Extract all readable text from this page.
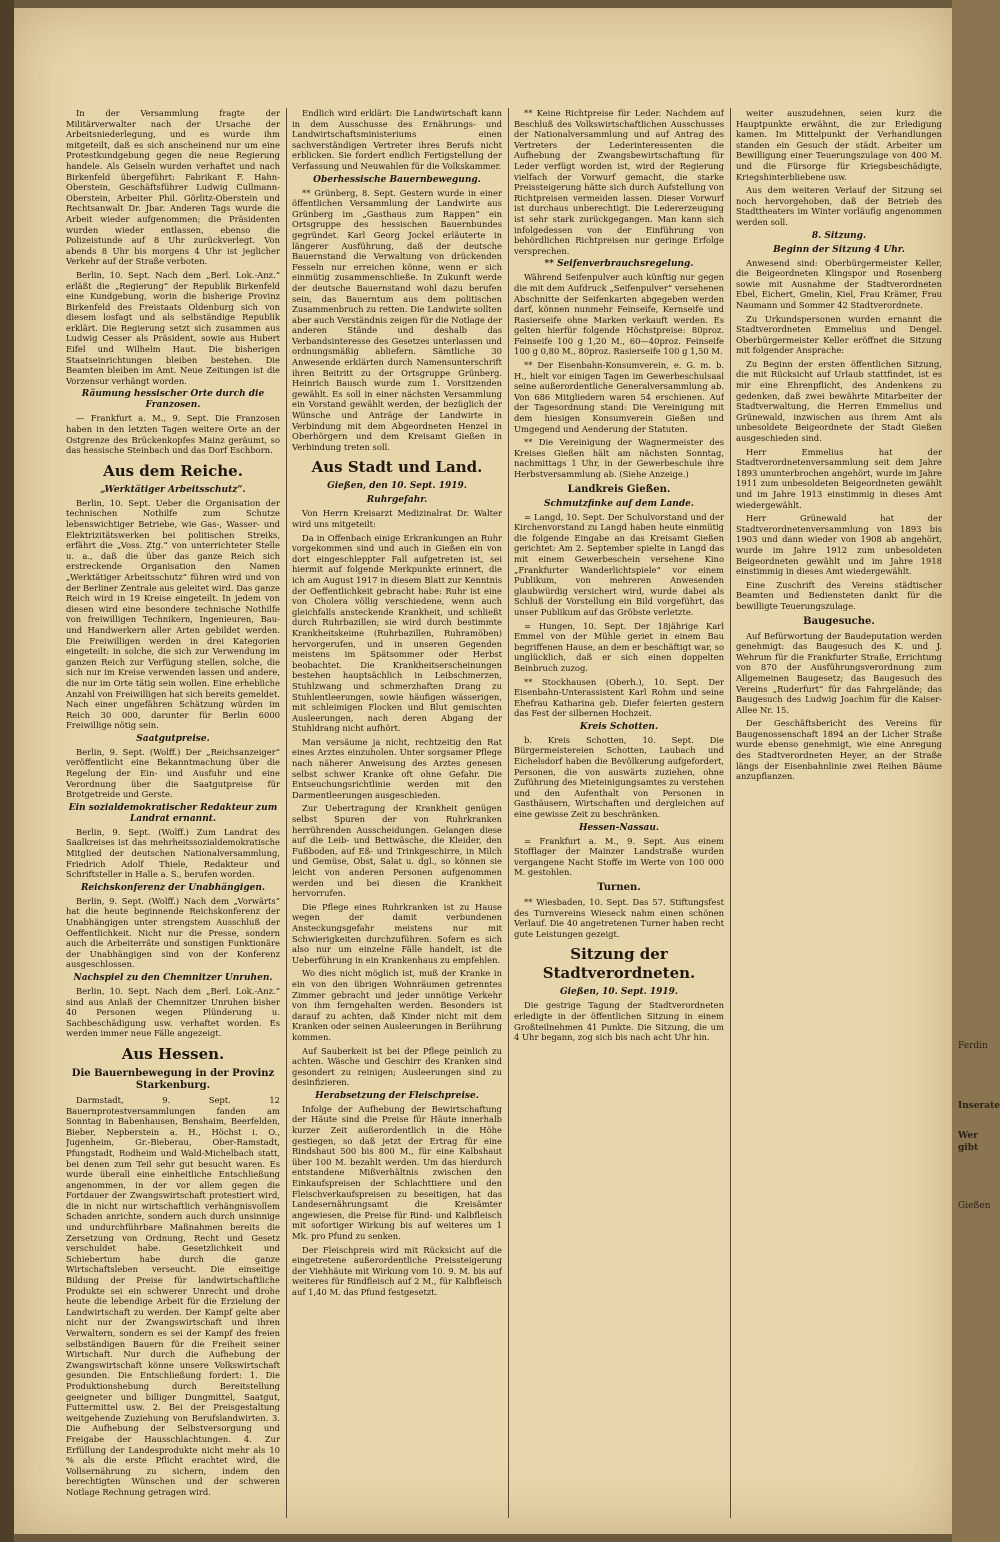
Inserate
Wer gibt
Ferdin
Gießen

In der Versammlung fragte der Militärverwalter nach der Ursache der Arbeitsniederlegung, und es wurde ihm mitgeteilt, daß es sich anscheinend nur um eine Protestkundgebung gegen die neue Regierung handele. Als Geiseln wurden verhaftet und nach Birkenfeld übergeführt: Fabrikant F. Hahn-Oberstein, Geschäftsführer Ludwig Cullmann-Oberstein, Arbeiter Phil. Görlitz-Oberstein und Rechtsanwalt Dr. Jbar. Anderen Tags wurde die Arbeit wieder aufgenommen; die Präsidenten wurden wieder entlassen, ebenso die Polizeistunde auf 8 Uhr zurückverlegt. Von abends 8 Uhr bis morgens 4 Uhr ist jeglicher Verkehr auf der Straße verboten.

Berlin, 10. Sept. Nach dem „Berl. Lok.-Anz.“ erläßt die „Regierung“ der Republik Birkenfeld eine Kundgebung, worin die bisherige Provinz Birkenfeld des Freistaats Oldenburg sich von diesem losfagt und als selbständige Republik erklärt. Die Regierung setzt sich zusammen aus Ludwig Cesser als Präsident, sowie aus Hubert Eifel und Wilhelm Haut. Die bisherigen Staatseinrichtungen bleiben bestehen. Die Beamten bleiben im Amt. Neue Zeitungen ist die Vorzensur verhängt worden.

Räumung hessischer Orte durch die Franzosen.

— Frankfurt a. M., 9. Sept. Die Franzosen haben in den letzten Tagen weitere Orte an der Ostgrenze des Brückenkopfes Mainz geräumt, so das hessische Steinbach und das Dorf Eschborn.

Aus dem Reiche.
„Werktätiger Arbeitsschutz“.

Berlin, 10. Sept. Ueber die Organisation der technischen Nothilfe zum Schutze lebenswichtiger Betriebe, wie Gas-, Wasser- und Elektrizitätswerken bei politischen Streiks, erfährt die „Voss. Ztg.“ von unterrichteter Stelle u. a., daß die über das ganze Reich sich erstreckende Organisation den Namen „Werktätiger Arbeitsschutz“ führen wird und von der Berliner Zentrale aus geleitet wird. Das ganze Reich wird in 19 Kreise eingeteilt. In jedem von diesen wird eine besondere technische Nothilfe von freiwilligen Technikern, Ingenieuren, Bau- und Handwerkern aller Arten gebildet werden. Die Freiwilligen werden in drei Kategorien eingeteilt: in solche, die sich zur Verwendung im ganzen Reich zur Verfügung stellen, solche, die sich nur im Kreise verwenden lassen und andere, die nur im Orte tätig sein wollen. Eine erhebliche Anzahl von Freiwilligen hat sich bereits gemeldet. Nach einer ungefähren Schätzung würden im Reich 30 000, darunter für Berlin 6000 Freiwillige nötig sein.

Saatgutpreise.

Berlin, 9. Sept. (Wolff.) Der „Reichsanzeiger“ veröffentlicht eine Bekanntmachung über die Regelung der Ein- und Ausfuhr und eine Verordnung über die Saatgutpreise für Brotgetreide und Gerste.

Ein sozialdemokratischer Redakteur zum Landrat ernannt.

Berlin, 9. Sept. (Wolff.) Zum Landrat des Saalkreises ist das mehrheitssozialdemokratische Mitglied der deutschen Nationalversammlung, Friedrich Adolf Thiele, Redakteur und Schriftsteller in Halle a. S., berufen worden.

Reichskonferenz der Unabhängigen.

Berlin, 9. Sept. (Wolff.) Nach dem „Vorwärts“ hat die heute beginnende Reichskonferenz der Unabhängigen unter strengstem Ausschluß der Oeffentlichkeit. Nicht nur die Presse, sondern auch die Arbeiterräte und sonstigen Funktionäre der Unabhängigen sind von der Konferenz ausgeschlossen.

Nachspiel zu den Chemnitzer Unruhen.

Berlin, 10. Sept. Nach dem „Berl. Lok.-Anz.“ sind aus Anlaß der Chemnitzer Unruhen bisher 40 Personen wegen Plünderung u. Sachbeschädigung usw. verhaftet worden. Es werden immer neue Fälle angezeigt.

Aus Hessen.
Die Bauernbewegung in der Provinz Starkenburg.

Darmstadt, 9. Sept. 12 Bauernprotestversammlungen fanden am Sonntag in Babenhausen, Benshaim, Beerfelden, Bieber, Nepberstein a. H., Höchst i. O., Jugenheim, Gr.-Bieberau, Ober-Ramstadt, Pfungstadt, Rodheim und Wald-Michelbach statt, bei denen zum Teil sehr gut besucht waren. Es wurde überall eine einheitliche Entschließung angenommen, in der vor allem gegen die Fortdauer der Zwangswirtschaft protestiert wird, die in nicht nur wirtschaftlich verhängnisvollem Schaden anrichte, sondern auch durch unsinnige und undurchführbare Maßnahmen bereits die Zersetzung von Ordnung, Recht und Gesetz verschuldet habe. Gesetzlichkeit und Schiebertum habe durch die ganze Wirtschaftsleben verseucht. Die einseitige Bildung der Preise für landwirtschaftliche Produkte sei ein schwerer Unrecht und drohe heute die lebendige Arbeit für die Erzielung der Landwirtschaft zu werden. Der Kampf gelte aber nicht nur der Zwangswirtschaft und ihren Verwaltern, sondern es sei der Kampf des freien selbständigen Bauern für die Freiheit seiner Wirtschaft. Nur durch die Aufhebung der Zwangswirtschaft könne unsere Volkswirtschaft gesunden. Die Entschließung fordert: 1. Die Produktionshebung durch Bereitstellung geeigneter und billiger Dungmittel, Saatgut, Futtermittel usw. 2. Bei der Preisgestaltung weitgehende Zuziehung von Berufslandwirten. 3. Die Aufhebung der Selbstversorgung und Freigabe der Hausschlachtungen. 4. Zur Erfüllung der Landesprodukte nicht mehr als 10 % als die erste Pflicht erachtet wird, die Vollsernährung zu sichern, indem den berechtigten Wünschen und der schweren Notlage Rechnung getragen wird.

Endlich wird erklärt: Die Landwirtschaft kann in dem Ausschusse des Ernährungs- und Landwirtschaftsministeriums einen sachverständigen Vertreter ihres Berufs nicht erblicken. Sie fordert endlich Fertigstellung der Verfassung und Neuwahlen für die Volkskammer.

Oberhessische Bauernbewegung.

** Grünberg, 8. Sept. Gestern wurde in einer öffentlichen Versammlung der Landwirte aus Grünberg im „Gasthaus zum Rappen“ ein Ortsgruppe des hessischen Bauernbundes gegründet. Karl Georg Jockel erläuterte in längerer Ausführung, daß der deutsche Bauernstand die Verwaltung von drückenden Fesseln nur erreichen könne, wenn er sich einmütig zusammenschließe. In Zukunft werde der deutsche Bauernstand wohl dazu berufen sein, das Bauerntum aus dem politischen Zusammenbruch zu retten. Die Landwirte sollten aber auch Verständnis zeigen für die Notlage der anderen Stände und deshalb das Verbandsinteresse des Gesetzes unterlassen und ordnungsmäßig abliefern. Sämtliche 30 Anwesende erklärten durch Namensunterschrift ihren Beitritt zu der Ortsgruppe Grünberg. Heinrich Bausch wurde zum 1. Vorsitzenden gewählt. Es soll in einer nächsten Versammlung ein Vorstand gewählt werden, der bezüglich der Wünsche und Anträge der Landwirte in Verbindung mit dem Abgeordneten Henzel in Oberhörgern und dem Kreisamt Gießen in Verbindung treten soll.

Aus Stadt und Land.
Gießen, den 10. Sept. 1919.
Ruhrgefahr.

Von Herrn Kreisarzt Medizinalrat Dr. Walter wird uns mitgeteilt:

Da in Offenbach einige Erkrankungen an Ruhr vorgekommen sind und auch in Gießen ein von dort eingeschleppter Fall aufgetreten ist, sei hiermit auf folgende Merkpunkte erinnert, die ich am August 1917 in diesem Blatt zur Kenntnis der Oeffentlichkeit gebracht habe: Ruhr ist eine von Cholera völlig verschiedene, wenn auch gleichfalls ansteckende Krankheit, und schließt durch Ruhrbazillen; sie wird durch bestimmte Krankheitskeime (Ruhrbazillen, Ruhramöben) hervorgerufen, und in unseren Gegenden meistens im Spätsommer oder Herbst beobachtet. Die Krankheitserscheinungen bestehen hauptsächlich in Leibschmerzen, Stuhlzwang und schmerzhaften Drang zu Stuhlentleerungen, sowie häufigen wässerigen, mit schleimigen Flocken und Blut gemischten Ausleerungen, nach deren Abgang der Stuhldrang nicht aufhört.

Man versäume ja nicht, rechtzeitig den Rat eines Arztes einzuholen. Unter sorgsamer Pflege nach näherer Anweisung des Arztes genesen selbst schwer Kranke oft ohne Gefahr. Die Entseuchungsrichtlinie werden mit den Darmentleerungen ausgeschieden.

Zur Uebertragung der Krankheit genügen selbst Spuren der von Ruhrkranken herrührenden Ausscheidungen. Gelangen diese auf die Leib- und Bettwäsche, die Kleider, den Fußboden, auf Eß- und Trinkgeschirre, in Milch und Gemüse, Obst, Salat u. dgl., so können sie leicht von anderen Personen aufgenommen werden und bei diesen die Krankheit hervorrufen.

Die Pflege eines Ruhrkranken ist zu Hause wegen der damit verbundenen Ansteckungsgefahr meistens nur mit Schwierigkeiten durchzuführen. Sofern es sich also nur um einzelne Fälle handelt, ist die Ueberführung in ein Krankenhaus zu empfehlen.

Wo dies nicht möglich ist, muß der Kranke in ein von den übrigen Wohnräumen getrenntes Zimmer gebracht und jeder unnötige Verkehr von ihm ferngehalten werden. Besonders ist darauf zu achten, daß Kinder nicht mit dem Kranken oder seinen Ausleerungen in Berührung kommen.

Auf Sauberkeit ist bei der Pflege peinlich zu achten. Wäsche und Geschirr des Kranken sind gesondert zu reinigen; Ausleerungen sind zu desinfizieren.

Herabsetzung der Fleischpreise.

Infolge der Aufhebung der Bewirtschaftung der Häute sind die Preise für Häute innerhalb kurzer Zeit außerordentlich in die Höhe gestiegen, so daß jetzt der Ertrag für eine Rindshaut 500 bis 800 M., für eine Kalbshaut über 100 M. bezahlt werden. Um das hierdurch entstandene Mißverhältnis zwischen den Einkaufspreisen der Schlachttiere und den Fleischverkaufspreisen zu beseitigen, hat das Landesernährungsamt die Kreisämter angewiesen, die Preise für Rind- und Kalbfleisch mit sofortiger Wirkung bis auf weiteres um 1 Mk. pro Pfund zu senken.

Der Fleischpreis wird mit Rücksicht auf die eingetretene außerordentliche Preissteigerung der Viehhäute mit Wirkung vom 10. 9. M. bis auf weiteres für Rindfleisch auf 2 M., für Kalbfleisch auf 1,40 M. das Pfund festgesetzt.

** Keine Richtpreise für Leder. Nachdem auf Beschluß des Volkswirtschaftlichen Ausschusses der Nationalversammlung und auf Antrag des Vertreters der Lederinteressenten die Aufhebung der Zwangsbewirtschaftung für Leder verfügt worden ist, wird der Regierung vielfach der Vorwurf gemacht, die starke Preissteigerung hätte sich durch Aufstellung von Richtpreisen vermeiden lassen. Dieser Vorwurf ist durchaus unberechtigt. Die Ledererzeugung ist sehr stark zurückgegangen. Man kann sich infolgedessen von der Einführung von behördlichen Richtpreisen nur geringe Erfolge versprechen.

** Seifenverbrauchsregelung.

Während Seifenpulver auch künftig nur gegen die mit dem Aufdruck „Seifenpulver“ versehenen Abschnitte der Seifenkarten abgegeben werden darf, können nunmehr Feinseife, Kernseife und Rasierseife ohne Marken verkauft werden. Es gelten hierfür folgende Höchstpreise: 80proz. Feinseife 100 g 1,20 M., 60—40proz. Feinseife 100 g 0,80 M., 80proz. Rasierseife 100 g 1,50 M.

** Der Eisenbahn-Konsumverein, e. G. m. b. H., hielt vor einigen Tagen im Gewerbeschulsaal seine außerordentliche Generalversammlung ab. Von 686 Mitgliedern waren 54 erschienen. Auf der Tagesordnung stand: Die Vereinigung mit dem hiesigen Konsumverein Gießen und Umgegend und Aenderung der Statuten.

** Die Vereinigung der Wagnermeister des Kreises Gießen hält am nächsten Sonntag, nachmittags 1 Uhr, in der Gewerbeschule ihre Herbstversammlung ab. (Siehe Anzeige.)

Landkreis Gießen.
Schmutzfinke auf dem Lande.

= Langd, 10. Sept. Der Schulvorstand und der Kirchenvorstand zu Langd haben heute einmütig die folgende Eingabe an das Kreisamt Gießen gerichtet: Am 2. September spielte in Langd das mit einem Gewerbeschein versehene Kino „Frankfurter Wanderlichtspiele“ vor einem Publikum, von mehreren Anwesenden glaubwürdig versichert wird, wurde dabei als Schluß der Vorstellung ein Bild vorgeführt, das unser Publikum auf das Gröbste verletzte.

= Hungen, 10. Sept. Der 18jährige Karl Emmel von der Mühle geriet in einem Bau begriffenen Hause, an dem er beschäftigt war, so unglücklich, daß er sich einen doppelten Beinbruch zuzog.

** Stockhausen (Oberh.), 10. Sept. Der Eisenbahn-Unterassistent Karl Rohm und seine Ehefrau Katharina geb. Diefer feierten gestern das Fest der silbernen Hochzeit.

Kreis Schotten.

b. Kreis Schotten, 10. Sept. Die Bürgermeistereien Schotten, Laubach und Eichelsdorf haben die Bevölkerung aufgefordert, Personen, die von auswärts zuziehen, ohne Zuführung des Mieteinigungsamtes zu verstehen und den Aufenthalt von Personen in Gasthäusern, Wirtschaften und dergleichen auf eine gewisse Zeit zu beschränken.

Hessen-Nassau.

= Frankfurt a. M., 9. Sept. Aus einem Stofflager der Mainzer Landstraße wurden vergangene Nacht Stoffe im Werte von 100 000 M. gestohlen.

Turnen.

** Wiesbaden, 10. Sept. Das 57. Stiftungsfest des Turnvereins Wieseck nahm einen schönen Verlauf. Die 40 angetretenen Turner haben recht gute Leistungen gezeigt.

Sitzung der Stadtverordneten.
Gießen, 10. Sept. 1919.

Die gestrige Tagung der Stadtverordneten erledigte in der öffentlichen Sitzung in einem Großteilnehmen 41 Punkte. Die Sitzung, die um 4 Uhr begann, zog sich bis nach acht Uhr hin.

weiter auszudehnen, seien kurz die Hauptpunkte erwähnt, die zur Erledigung kamen. Im Mittelpunkt der Verhandlungen standen ein Gesuch der städt. Arbeiter um Bewilligung einer Teuerungszulage von 400 M. und die Fürsorge für Kriegsbeschädigte, Kriegshinterbliebene usw.

Aus dem weiteren Verlauf der Sitzung sei noch hervorgehoben, daß der Betrieb des Stadttheaters im Winter vorläufig angenommen werden soll.

8. Sitzung.
Beginn der Sitzung 4 Uhr.

Anwesend sind: Oberbürgermeister Keller, die Beigeordneten Klingspor und Rosenberg sowie mit Ausnahme der Stadtverordneten Ebel, Eichert, Gmelin, Kiel, Frau Krämer, Frau Naumann und Sommer 42 Stadtverordnete.

Zu Urkundspersonen wurden ernannt die Stadtverordneten Emmelius und Dengel. Oberbürgermeister Keller eröffnet die Sitzung mit folgender Ansprache:

Zu Beginn der ersten öffentlichen Sitzung, die mit Rücksicht auf Urlaub stattfindet, ist es mir eine Ehrenpflicht, des Andenkens zu gedenken, daß zwei bewährte Mitarbeiter der Stadtverwaltung, die Herren Emmelius und Grünewald, inzwischen aus ihrem Amt als unbesoldete Beigeordnete der Stadt Gießen ausgeschieden sind.

Herr Emmelius hat der Stadtverordnetenversammlung seit dem Jahre 1893 ununterbrochen angehört, wurde im Jahre 1911 zum unbesoldeten Beigeordneten gewählt und im Jahre 1913 einstimmig in dieses Amt wiedergewählt.

Herr Grünewald hat der Stadtverordnetenversammlung von 1893 bis 1903 und dann wieder von 1908 ab angehört, wurde im Jahre 1912 zum unbesoldeten Beigeordneten gewählt und im Jahre 1918 einstimmig in dieses Amt wiedergewählt.

Eine Zuschrift des Vereins städtischer Beamten und Bediensteten dankt für die bewilligte Teuerungszulage.

Baugesuche.

Auf Befürwortung der Baudeputation werden genehmigt: das Baugesuch des K. und J. Wehrum für die Frankfurter Straße, Errichtung von 870 der Ausführungsverordnung zum Allgemeinen Baugesetz; das Baugesuch des Vereins „Ruderfurt“ für das Fahrgelände; das Baugesuch des Ludwig Joachim für die Kaiser-Allee Nr. 15.

Der Geschäftsbericht des Vereins für Baugenossenschaft 1894 an der Licher Straße wurde ebenso genehmigt, wie eine Anregung des Stadtverordneten Heyer, an der Straße längs der Eisenbahnlinie zwei Reihen Bäume anzupflanzen.
